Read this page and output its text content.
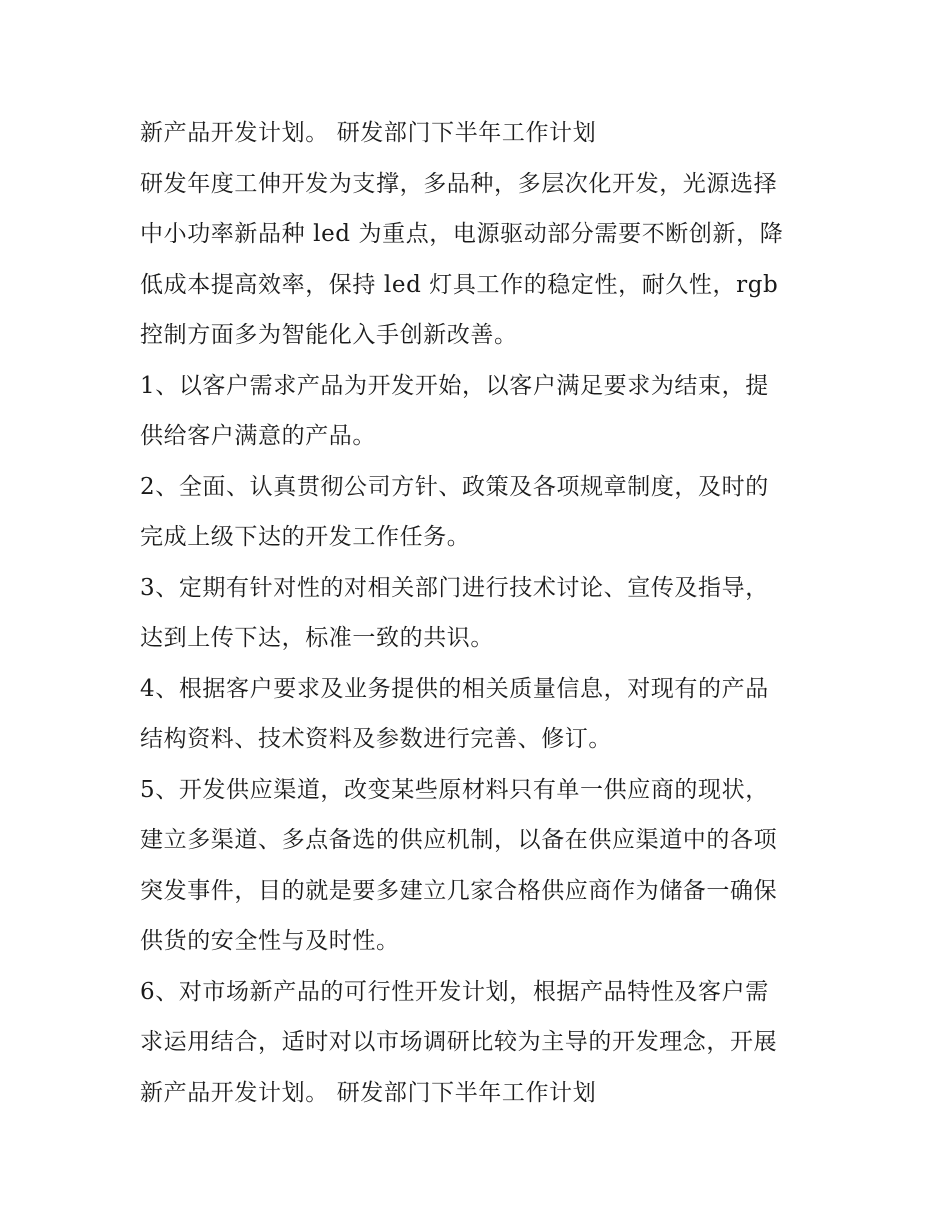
新产品开发计划。 研发部门下半年工作计划
研发年度工伸开发为支撑，多品种，多层次化开发，光源选择
中小功率新品种 led 为重点，电源驱动部分需要不断创新，降
低成本提高效率，保持 led 灯具工作的稳定性，耐久性，rgb
控制方面多为智能化入手创新改善。
1、以客户需求产品为开发开始，以客户满足要求为结束，提
供给客户满意的产品。
2、全面、认真贯彻公司方针、政策及各项规章制度，及时的
完成上级下达的开发工作任务。
3、定期有针对性的对相关部门进行技术讨论、宣传及指导，
达到上传下达，标准一致的共识。
4、根据客户要求及业务提供的相关质量信息，对现有的产品
结构资料、技术资料及参数进行完善、修订。
5、开发供应渠道，改变某些原材料只有单一供应商的现状，
建立多渠道、多点备选的供应机制，以备在供应渠道中的各项
突发事件，目的就是要多建立几家合格供应商作为储备一确保
供货的安全性与及时性。
6、对市场新产品的可行性开发计划，根据产品特性及客户需
求运用结合，适时对以市场调研比较为主导的开发理念，开展
新产品开发计划。 研发部门下半年工作计划
